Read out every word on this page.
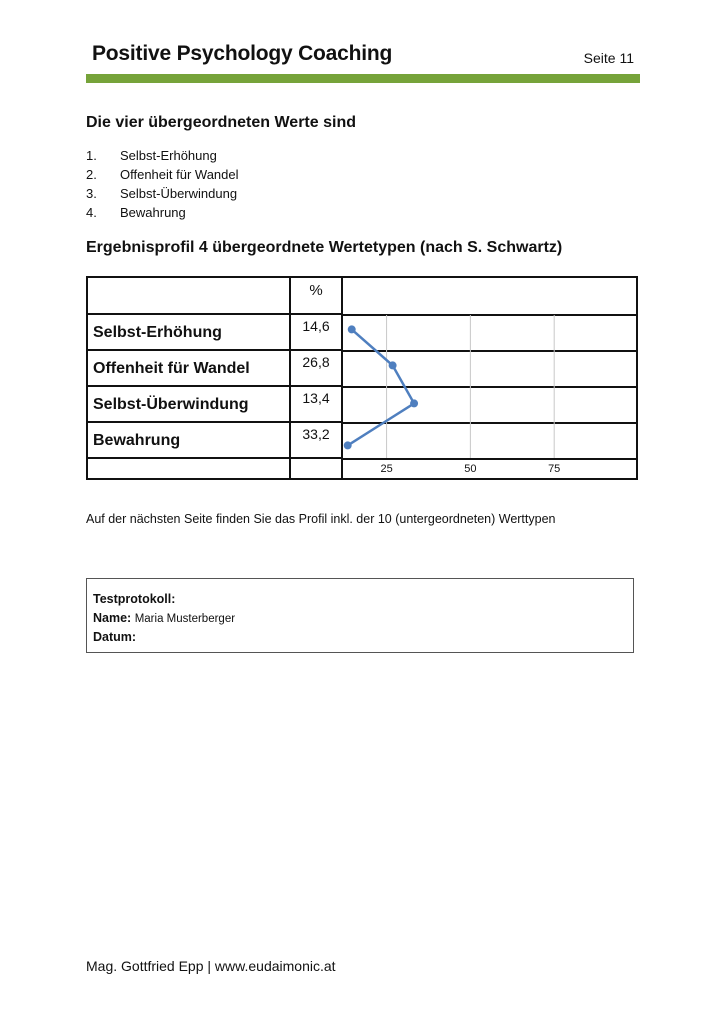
Positive Psychology Coaching	Seite 11
Die vier übergeordneten Werte sind
1. Selbst-Erhöhung
2. Offenheit für Wandel
3. Selbst-Überwindung
4. Bewahrung
Ergebnisprofil 4 übergeordnete Wertetypen (nach S. Schwartz)
	%	25 50 75

Selbst-Erhöhung	14,6	
Offenheit für Wandel	26,8	
Selbst-Überwindung	13,4	
Bewahrung	33,2	

Auf der nächsten Seite finden Sie das Profil inkl. der 10 (untergeordneten) Werttypen
Testprotokoll:
Name: Maria Musterberger
Datum:
Mag. Gottfried Epp | www.eudaimonic.at
